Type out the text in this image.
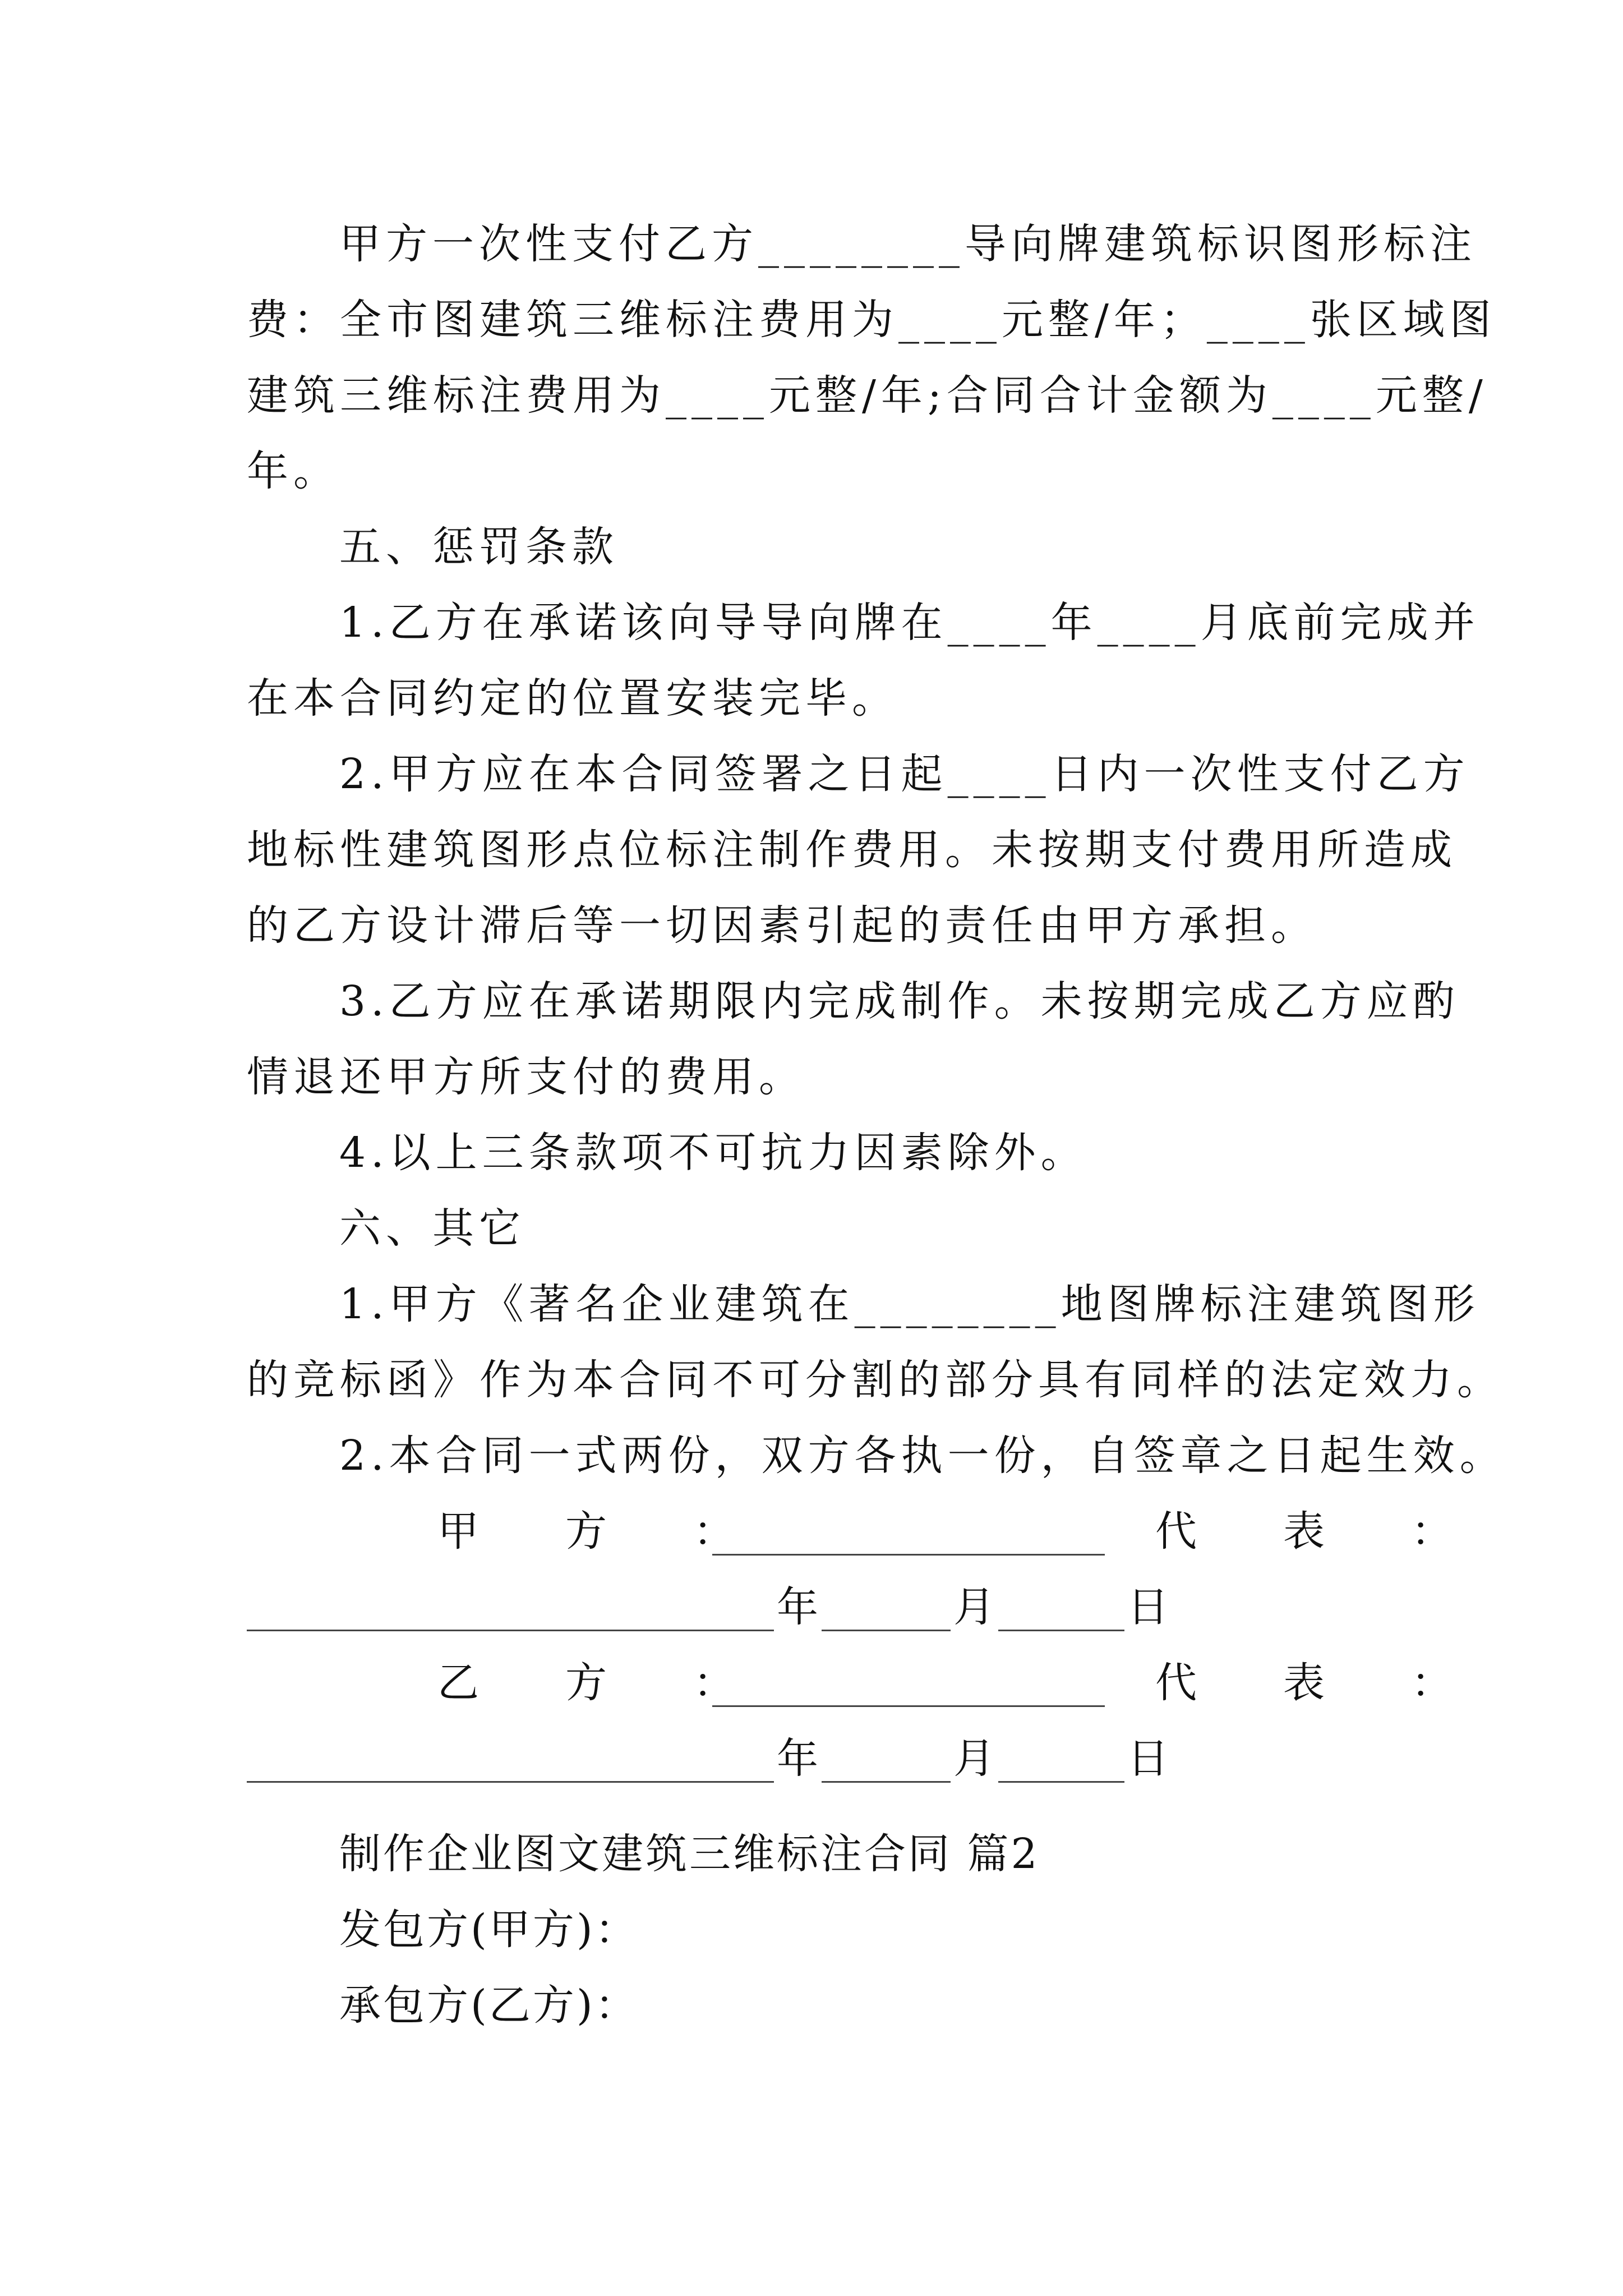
甲方一次性支付乙方________导向牌建筑标识图形标注
费：全市图建筑三维标注费用为____元整/年；____张区域图
建筑三维标注费用为____元整/年;合同合计金额为____元整/
年。
五、惩罚条款
1.乙方在承诺该向导导向牌在____年____月底前完成并
在本合同约定的位置安装完毕。
2.甲方应在本合同签署之日起____日内一次性支付乙方
地标性建筑图形点位标注制作费用。未按期支付费用所造成
的乙方设计滞后等一切因素引起的责任由甲方承担。
3.乙方应在承诺期限内完成制作。未按期完成乙方应酌
情退还甲方所支付的费用。
4.以上三条款项不可抗力因素除外。
六、其它
1.甲方《著名企业建筑在________地图牌标注建筑图形
的竞标函》作为本合同不可分割的部分具有同样的法定效力。
2.本合同一式两份，双方各执一份，自签章之日起生效。
甲　方　：	代　表　：
年	月	日
乙　方　：	代　表　：
年	月	日
制作企业图文建筑三维标注合同 篇2
发包方(甲方)：
承包方(乙方)：
